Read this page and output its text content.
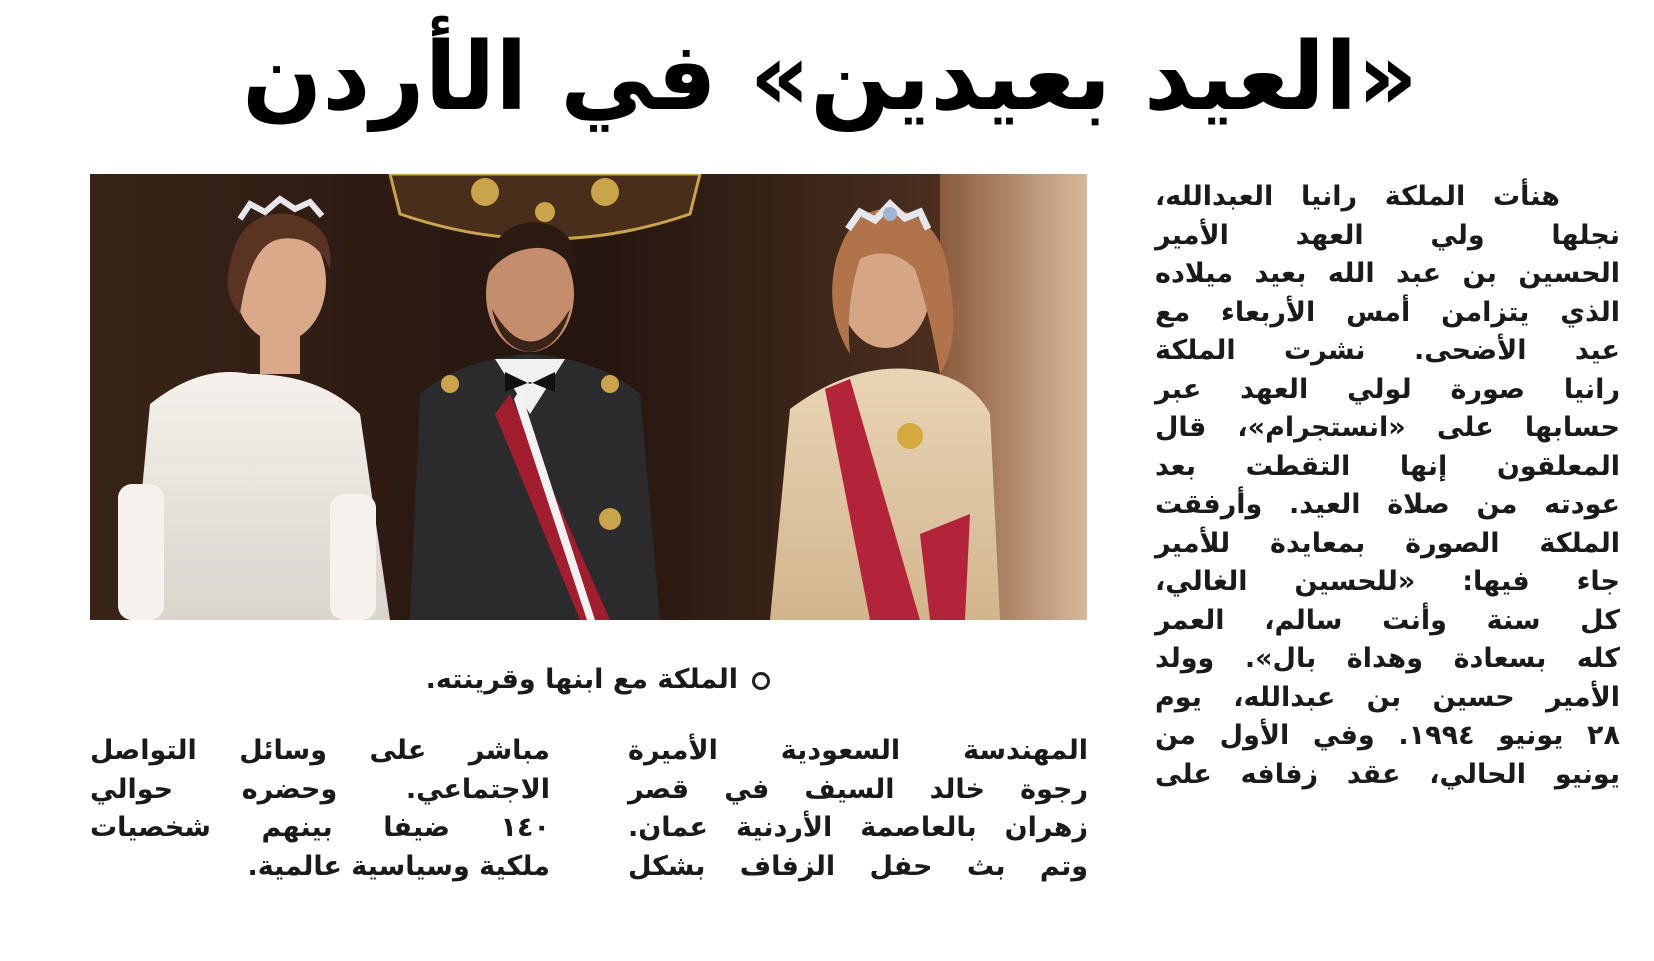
«العيد بعيدين» في الأردن
هنأت الملكة رانيا العبدالله،
نجلها ولي العهد الأمير
الحسين بن عبد الله بعيد ميلاده
الذي يتزامن أمس الأربعاء مع
عيد الأضحى. نشرت الملكة
رانيا صورة لولي العهد عبر
حسابها على «انستجرام»، قال
المعلقون إنها التقطت بعد
عودته من صلاة العيد. وأرفقت
الملكة الصورة بمعايدة للأمير
جاء فيها: «للحسين الغالي،
كل سنة وأنت سالم، العمر
كله بسعادة وهداة بال». وولد
الأمير حسين بن عبدالله، يوم
٢٨ يونيو ١٩٩٤. وفي الأول من
يونيو الحالي، عقد زفافه على
الملكة مع ابنها وقرينته.
المهندسة السعودية الأميرة
رجوة خالد السيف في قصر
زهران بالعاصمة الأردنية عمان.
وتم بث حفل الزفاف بشكل
مباشر على وسائل التواصل
الاجتماعي. وحضره حوالي
١٤٠ ضيفا بينهم شخصيات
ملكية وسياسية عالمية.
